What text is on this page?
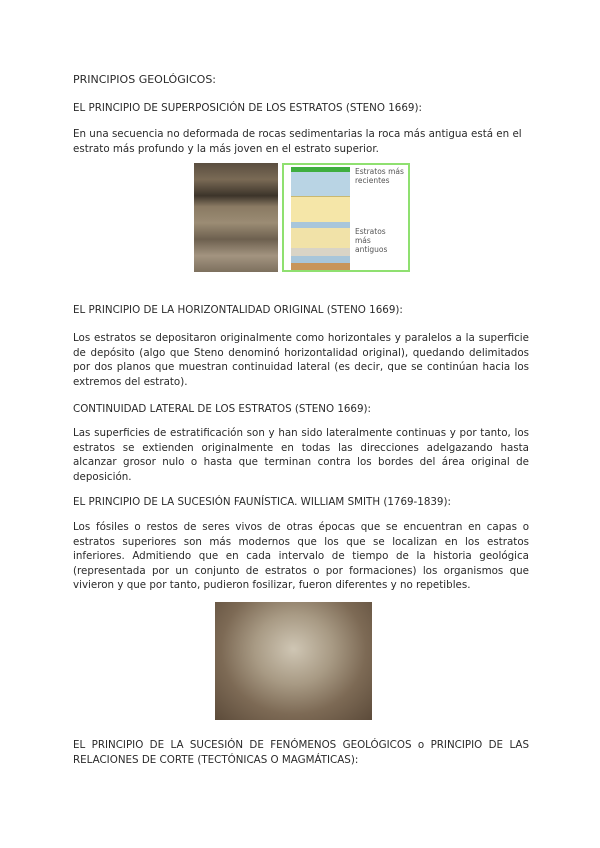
PRINCIPIOS GEOLÓGICOS:
EL PRINCIPIO DE SUPERPOSICIÓN DE LOS ESTRATOS (STENO 1669):
En una secuencia no deformada de rocas sedimentarias la roca más antigua está en el estrato más profundo y la más joven en el estrato superior.
Estratos más recientes
Estratos más antiguos
EL PRINCIPIO DE LA HORIZONTALIDAD ORIGINAL (STENO 1669):
Los estratos se depositaron originalmente como horizontales y paralelos a la superficie de depósito (algo que Steno denominó horizontalidad original), quedando delimitados por dos planos que muestran continuidad lateral (es decir, que se continúan hacia los extremos del estrato).
CONTINUIDAD LATERAL DE LOS ESTRATOS (STENO 1669):
Las superficies de estratificación son y han sido lateralmente continuas y por tanto, los estratos se extienden originalmente en todas las direcciones adelgazando hasta alcanzar grosor nulo o hasta que terminan contra los bordes del área original de deposición.
EL PRINCIPIO DE LA SUCESIÓN FAUNÍSTICA. WILLIAM SMITH (1769-1839):
Los fósiles o restos de seres vivos de otras épocas que se encuentran en capas o estratos superiores son más modernos que los que se localizan en los estratos inferiores. Admitiendo que en cada intervalo de tiempo de la historia geológica (representada por un conjunto de estratos o por formaciones) los organismos que vivieron y que por tanto, pudieron fosilizar, fueron diferentes y no repetibles.
EL PRINCIPIO DE LA SUCESIÓN DE FENÓMENOS GEOLÓGICOS o PRINCIPIO DE LAS RELACIONES DE CORTE (TECTÓNICAS O MAGMÁTICAS):
